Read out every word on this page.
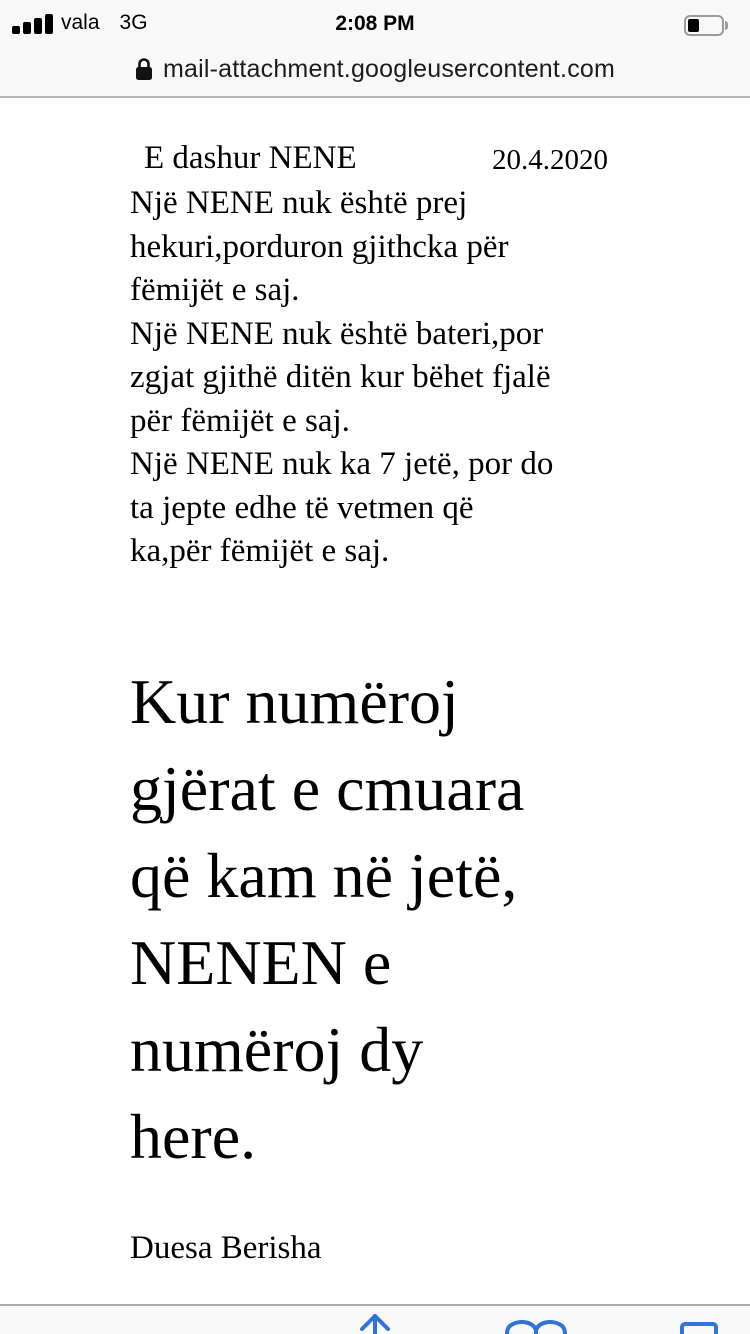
vala 3G	2:08 PM
mail-attachment.googleusercontent.com
E dashur NENE	20.4.2020
Një NENE nuk është prej
hekuri,porduron gjithcka për
fëmijët e saj.
Një NENE nuk është bateri,por
zgjat gjithë ditën kur bëhet fjalë
për fëmijët e saj.
Një NENE nuk ka 7 jetë, por do
ta jepte edhe të vetmen që
ka,për fëmijët e saj.
Kur numëroj
gjërat e cmuara
që kam në jetë,
NENEN e
numëroj dy
here.
Duesa Berisha
